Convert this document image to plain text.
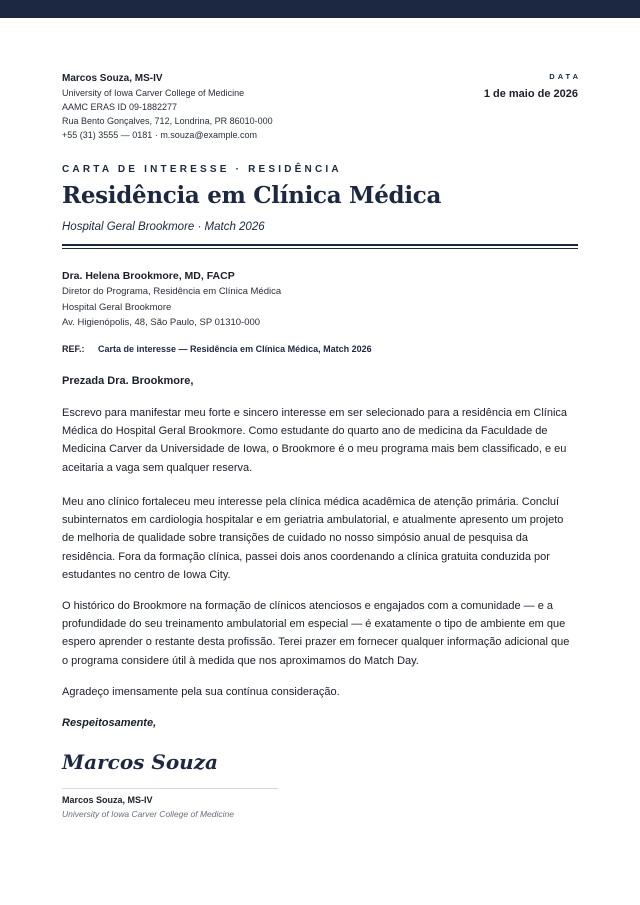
Marcos Souza, MS-IV
University of Iowa Carver College of Medicine
AAMC ERAS ID 09-1882277
Rua Bento Gonçalves, 712, Londrina, PR 86010-000
+55 (31) 3555 — 0181 · m.souza@example.com
DATA
1 de maio de 2026
CARTA DE INTERESSE · RESIDÊNCIA
Residência em Clínica Médica
Hospital Geral Brookmore · Match 2026
Dra. Helena Brookmore, MD, FACP
Diretor do Programa, Residência em Clínica Médica
Hospital Geral Brookmore
Av. Higienópolis, 48, São Paulo, SP 01310-000
REF.: Carta de interesse — Residência em Clínica Médica, Match 2026
Prezada Dra. Brookmore,
Escrevo para manifestar meu forte e sincero interesse em ser selecionado para a residência em Clínica Médica do Hospital Geral Brookmore. Como estudante do quarto ano de medicina da Faculdade de Medicina Carver da Universidade de Iowa, o Brookmore é o meu programa mais bem classificado, e eu aceitaria a vaga sem qualquer reserva.
Meu ano clínico fortaleceu meu interesse pela clínica médica acadêmica de atenção primária. Concluí subinternatos em cardiologia hospitalar e em geriatria ambulatorial, e atualmente apresento um projeto de melhoria de qualidade sobre transições de cuidado no nosso simpósio anual de pesquisa da residência. Fora da formação clínica, passei dois anos coordenando a clínica gratuita conduzida por estudantes no centro de Iowa City.
O histórico do Brookmore na formação de clínicos atenciosos e engajados com a comunidade — e a profundidade do seu treinamento ambulatorial em especial — é exatamente o tipo de ambiente em que espero aprender o restante desta profissão. Terei prazer em fornecer qualquer informação adicional que o programa considere útil à medida que nos aproximamos do Match Day.
Agradeço imensamente pela sua contínua consideração.
Respeitosamente,
Marcos Souza
Marcos Souza, MS-IV
University of Iowa Carver College of Medicine
